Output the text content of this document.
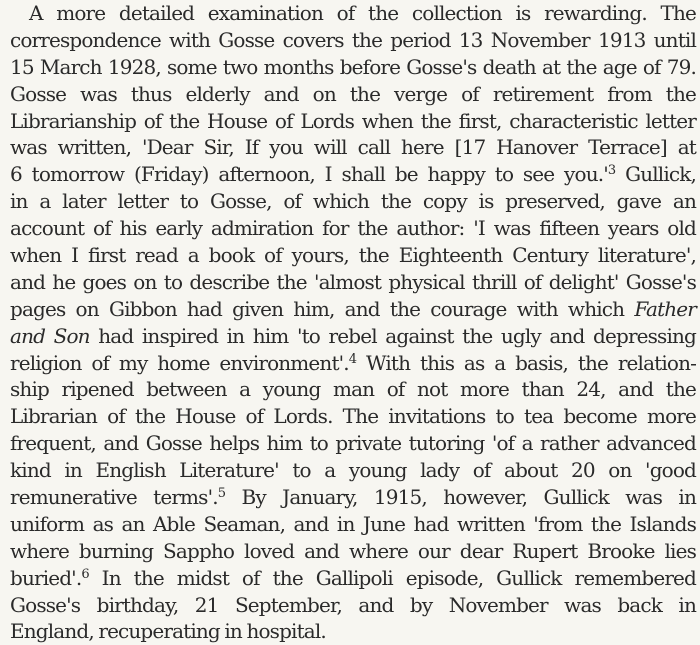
A more detailed examination of the collection is rewarding. The
correspondence with Gosse covers the period 13 November 1913 until
15 March 1928, some two months before Gosse's death at the age of 79.
Gosse was thus elderly and on the verge of retirement from the
Librarianship of the House of Lords when the first, characteristic letter
was written, 'Dear Sir, If you will call here [17 Hanover Terrace] at
6 tomorrow (Friday) afternoon, I shall be happy to see $you.'^3$ Gullick,
in a later letter to Gosse, of which the copy is preserved, gave an
account of his early admiration for the author: 'I was fifteen years old
when I first read a book of yours, the Eighteenth Century literature',
and he goes on to describe the 'almost physical thrill of delight' Gosse's
pages on Gibbon had given him, and the courage with which Father
and Son had inspired in him 'to rebel against the ugly and depressing
religion of my home environment'.$^4$ With this as a basis, the relation-
ship ripened between a young man of not more than 24, and the
Librarian of the House of Lords. The invitations to tea become more
frequent, and Gosse helps him to private tutoring 'of a rather advanced
kind in English Literature' to a young lady of about 20 on 'good
remunerative terms'.$^5$ By January, 1915, however, Gullick was in
uniform as an Able Seaman, and in June had written 'from the Islands
where burning Sappho loved and where our dear Rupert Brooke lies
buried'.$^6$ In the midst of the Gallipoli episode, Gullick remembered
Gosse's birthday, 21 September, and by November was back in
England, recuperating in hospital.
